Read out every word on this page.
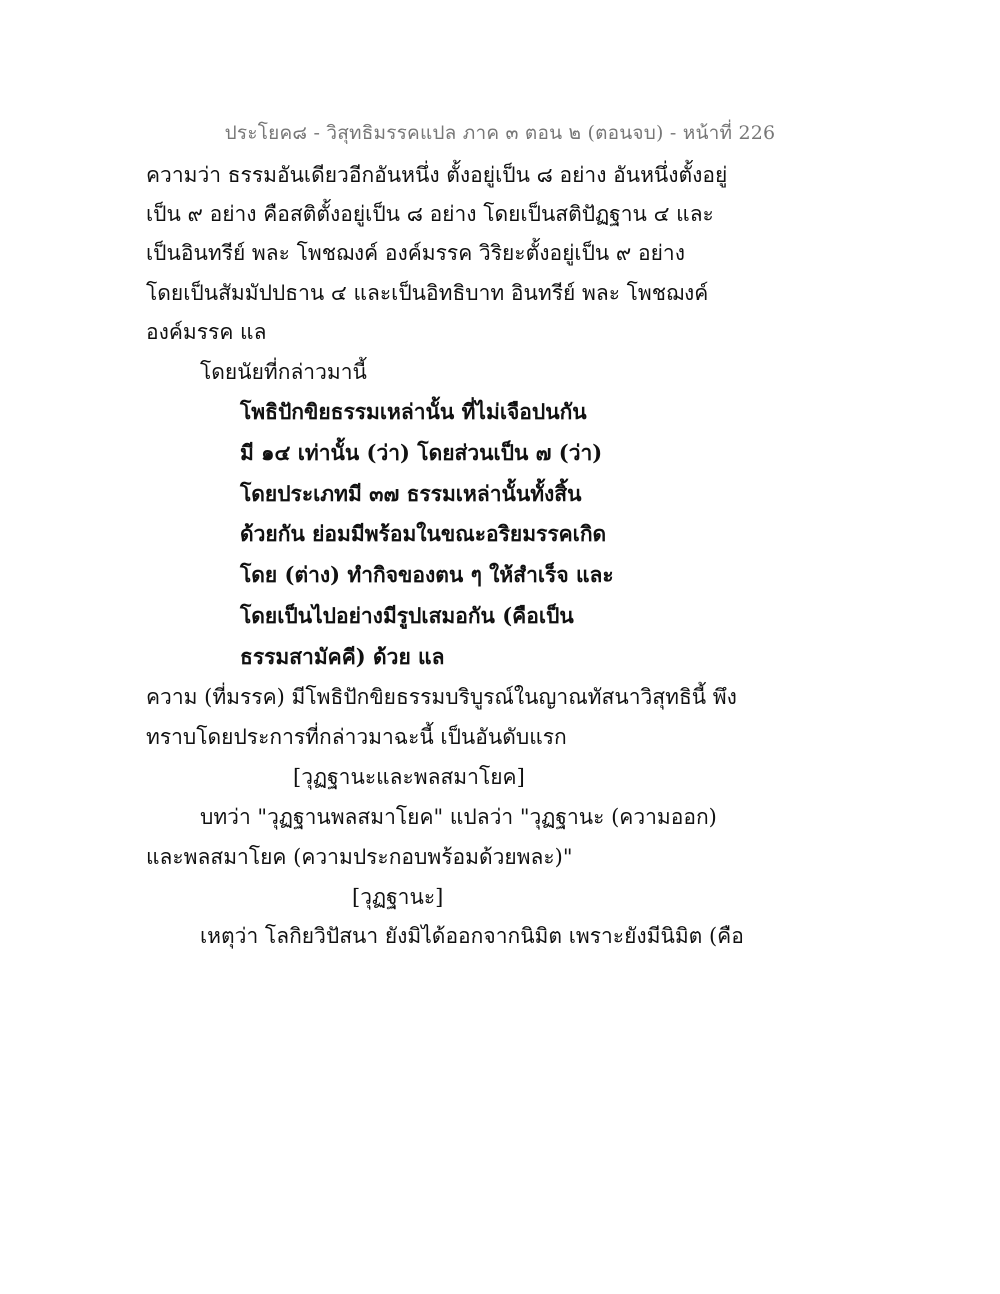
ประโยค๘ - วิสุทธิมรรคแปล ภาค ๓ ตอน ๒ (ตอนจบ) - หน้าที่ 226
ความว่า ธรรมอันเดียวอีกอันหนึ่ง ตั้งอยู่เป็น ๘ อย่าง อันหนึ่งตั้งอยู่
เป็น ๙ อย่าง คือสติตั้งอยู่เป็น ๘ อย่าง โดยเป็นสติปัฏฐาน ๔ และ
เป็นอินทรีย์ พละ โพชฌงค์ องค์มรรค วิริยะตั้งอยู่เป็น ๙ อย่าง
โดยเป็นสัมมัปปธาน ๔ และเป็นอิทธิบาท อินทรีย์ พละ โพชฌงค์
องค์มรรค แล
โดยนัยที่กล่าวมานี้
โพธิปักขิยธรรมเหล่านั้น ที่ไม่เจือปนกัน
มี ๑๔ เท่านั้น (ว่า) โดยส่วนเป็น ๗ (ว่า)
โดยประเภทมี ๓๗ ธรรมเหล่านั้นทั้งสิ้น
ด้วยกัน ย่อมมีพร้อมในขณะอริยมรรคเกิด
โดย (ต่าง) ทำกิจของตน ๆ ให้สำเร็จ และ
โดยเป็นไปอย่างมีรูปเสมอกัน (คือเป็น
ธรรมสามัคคี) ด้วย แล
ความ (ที่มรรค) มีโพธิปักขิยธรรมบริบูรณ์ในญาณทัสนาวิสุทธินี้ พึง
ทราบโดยประการที่กล่าวมาฉะนี้ เป็นอันดับแรก
[วุฏฐานะและพลสมาโยค]
บทว่า "วุฏฐานพลสมาโยค" แปลว่า "วุฏฐานะ (ความออก)
และพลสมาโยค (ความประกอบพร้อมด้วยพละ)"
[วุฏฐานะ]
เหตุว่า โลกิยวิปัสนา ยังมิได้ออกจากนิมิต เพราะยังมีนิมิต (คือ
